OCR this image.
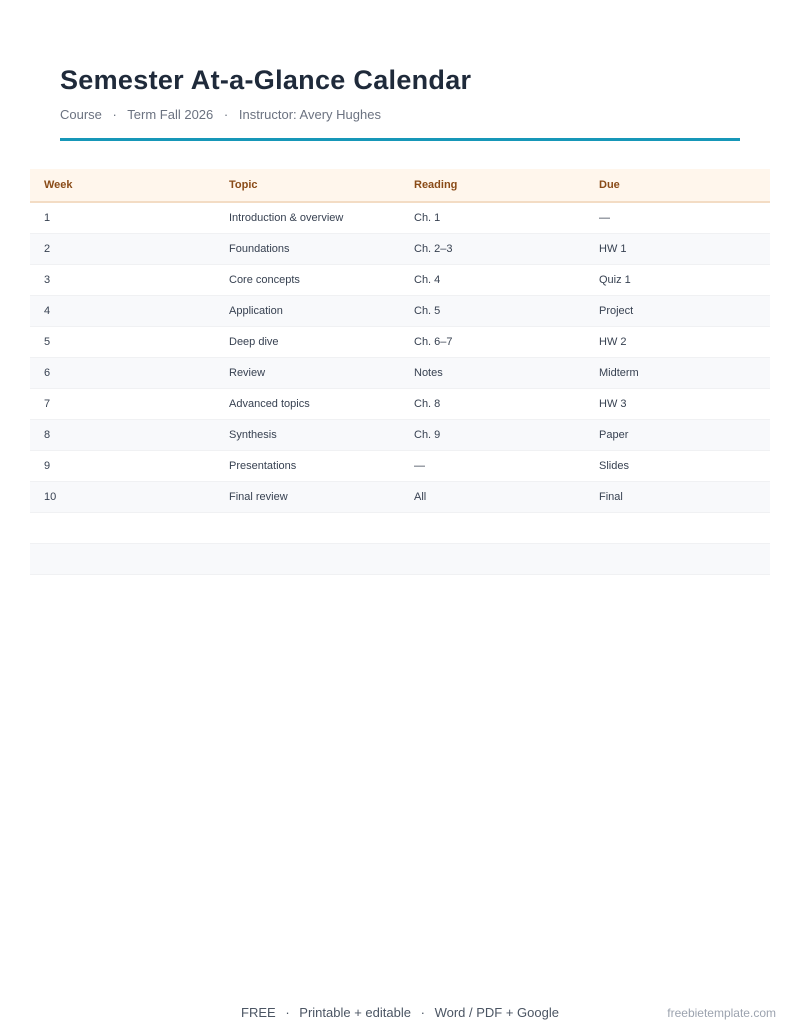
Semester At-a-Glance Calendar
Course · Term Fall 2026 · Instructor: Avery Hughes
Week	Topic	Reading	Due
1	Introduction & overview	Ch. 1	—
2	Foundations	Ch. 2–3	HW 1
3	Core concepts	Ch. 4	Quiz 1
4	Application	Ch. 5	Project
5	Deep dive	Ch. 6–7	HW 2
6	Review	Notes	Midterm
7	Advanced topics	Ch. 8	HW 3
8	Synthesis	Ch. 9	Paper
9	Presentations	—	Slides
10	Final review	All	Final
FREE · Printable + editable · Word / PDF + Google	freebietemplate.com
